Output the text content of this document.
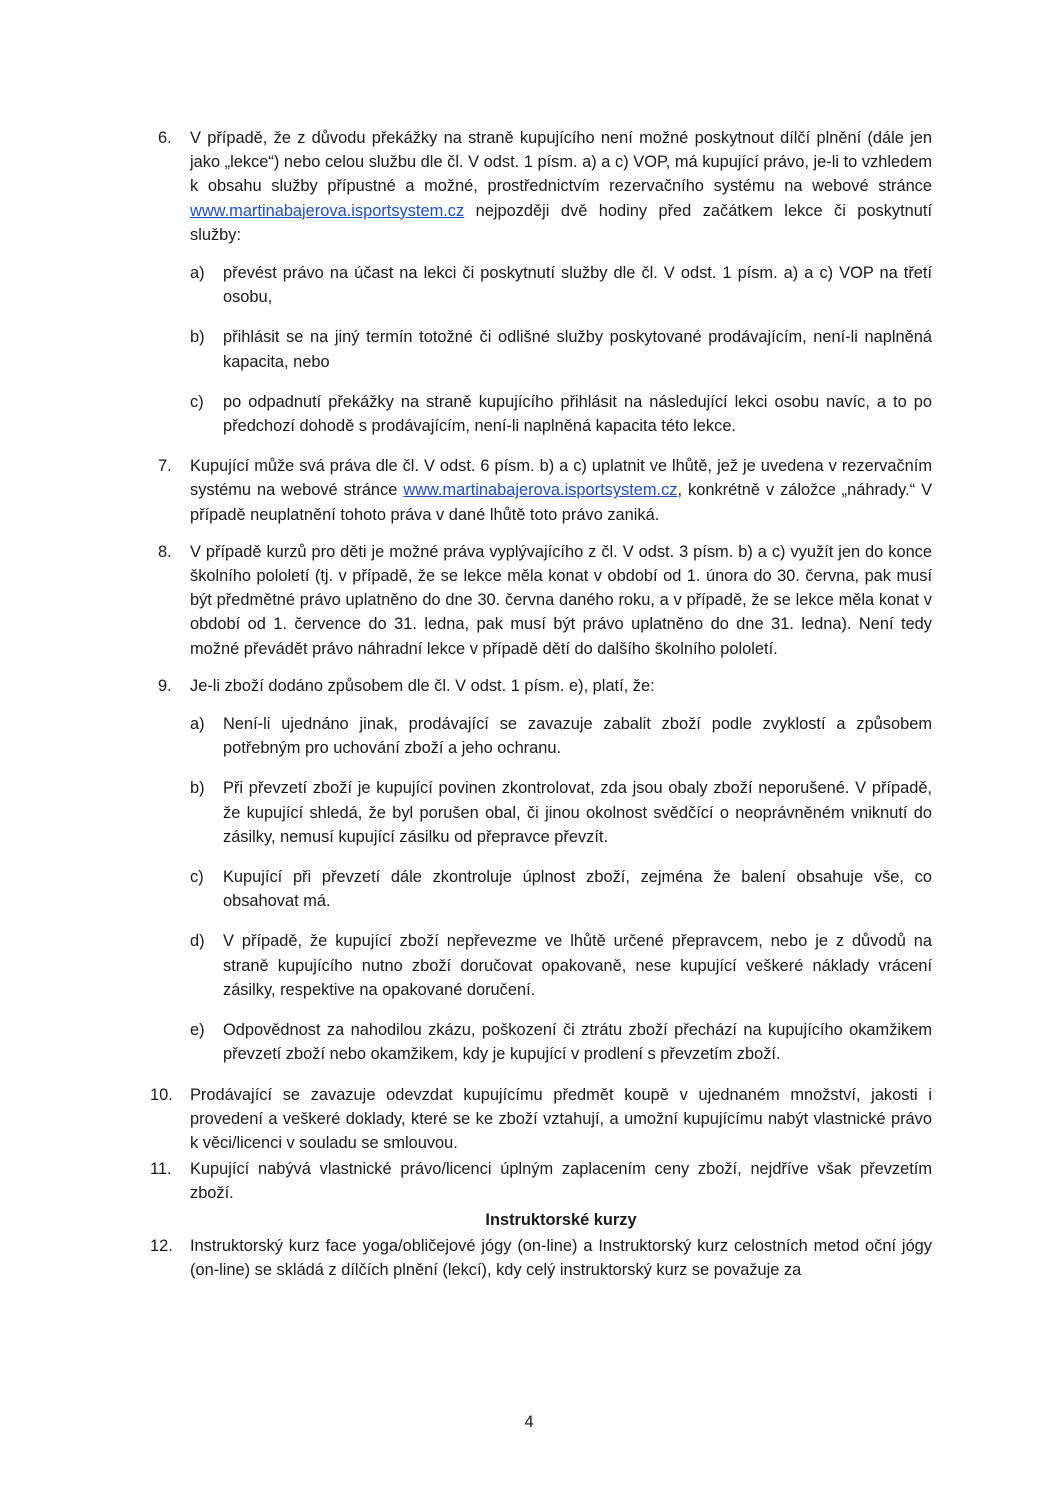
6. V případě, že z důvodu překážky na straně kupujícího není možné poskytnout dílčí plnění (dále jen jako „lekce“) nebo celou službu dle čl. V odst. 1 písm. a) a c) VOP, má kupující právo, je-li to vzhledem k obsahu služby přípustné a možné, prostřednictvím rezervačního systému na webové stránce www.martinabajerova.isportsystem.cz nejpozději dvě hodiny před začátkem lekce či poskytnutí služby:
a) převést právo na účast na lekci či poskytnutí služby dle čl. V odst. 1 písm. a) a c) VOP na třetí osobu,
b) přihlásit se na jiný termín totožné či odlišné služby poskytované prodávajícím, není-li naplněná kapacita, nebo
c) po odpadnutí překážky na straně kupujícího přihlásit na následující lekci osobu navíc, a to po předchozí dohodě s prodávajícím, není-li naplněná kapacita této lekce.
7. Kupující může svá práva dle čl. V odst. 6 písm. b) a c) uplatnit ve lhůtě, jež je uvedena v rezervačním systému na webové stránce www.martinabajerova.isportsystem.cz, konkrétně v záložce „náhrady.“ V případě neuplatnění tohoto práva v dané lhůtě toto právo zaniká.
8. V případě kurzů pro děti je možné práva vyplývajícího z čl. V odst. 3 písm. b) a c) využít jen do konce školního pololetí (tj. v případě, že se lekce měla konat v období od 1. února do 30. června, pak musí být předmětné právo uplatněno do dne 30. června daného roku, a v případě, že se lekce měla konat v období od 1. července do 31. ledna, pak musí být právo uplatněno do dne 31. ledna). Není tedy možné převádět právo náhradní lekce v případě dětí do dalšího školního pololetí.
9. Je-li zboží dodáno způsobem dle čl. V odst. 1 písm. e), platí, že:
a) Není-li ujednáno jinak, prodávající se zavazuje zabalit zboží podle zvyklostí a způsobem potřebným pro uchování zboží a jeho ochranu.
b) Při převzetí zboží je kupující povinen zkontrolovat, zda jsou obaly zboží neporušené. V případě, že kupující shledá, že byl porušen obal, či jinou okolnost svědčící o neoprávněném vniknutí do zásilky, nemusí kupující zásilku od přepravce převzít.
c) Kupující při převzetí dále zkontroluje úplnost zboží, zejména že balení obsahuje vše, co obsahovat má.
d) V případě, že kupující zboží nepřevezme ve lhůtě určené přepravcem, nebo je z důvodů na straně kupujícího nutno zboží doručovat opakovaně, nese kupující veškeré náklady vrácení zásilky, respektive na opakované doručení.
e) Odpovědnost za nahodilou zkázu, poškození či ztrátu zboží přechází na kupujícího okamžikem převzetí zboží nebo okamžikem, kdy je kupující v prodlení s převzetím zboží.
10. Prodávající se zavazuje odevzdat kupujícímu předmět koupě v ujednaném množství, jakosti i provedení a veškeré doklady, které se ke zboží vztahují, a umožní kupujícímu nabýt vlastnické právo k věci/licenci v souladu se smlouvou.
11. Kupující nabývá vlastnické právo/licenci úplným zaplacením ceny zboží, nejdříve však převzetím zboží.
Instruktorské kurzy
12. Instruktorský kurz face yoga/obličejové jógy (on-line) a Instruktorský kurz celostních metod oční jógy (on-line) se skládá z dílčích plnění (lekcí), kdy celý instruktorský kurz se považuje za
4
